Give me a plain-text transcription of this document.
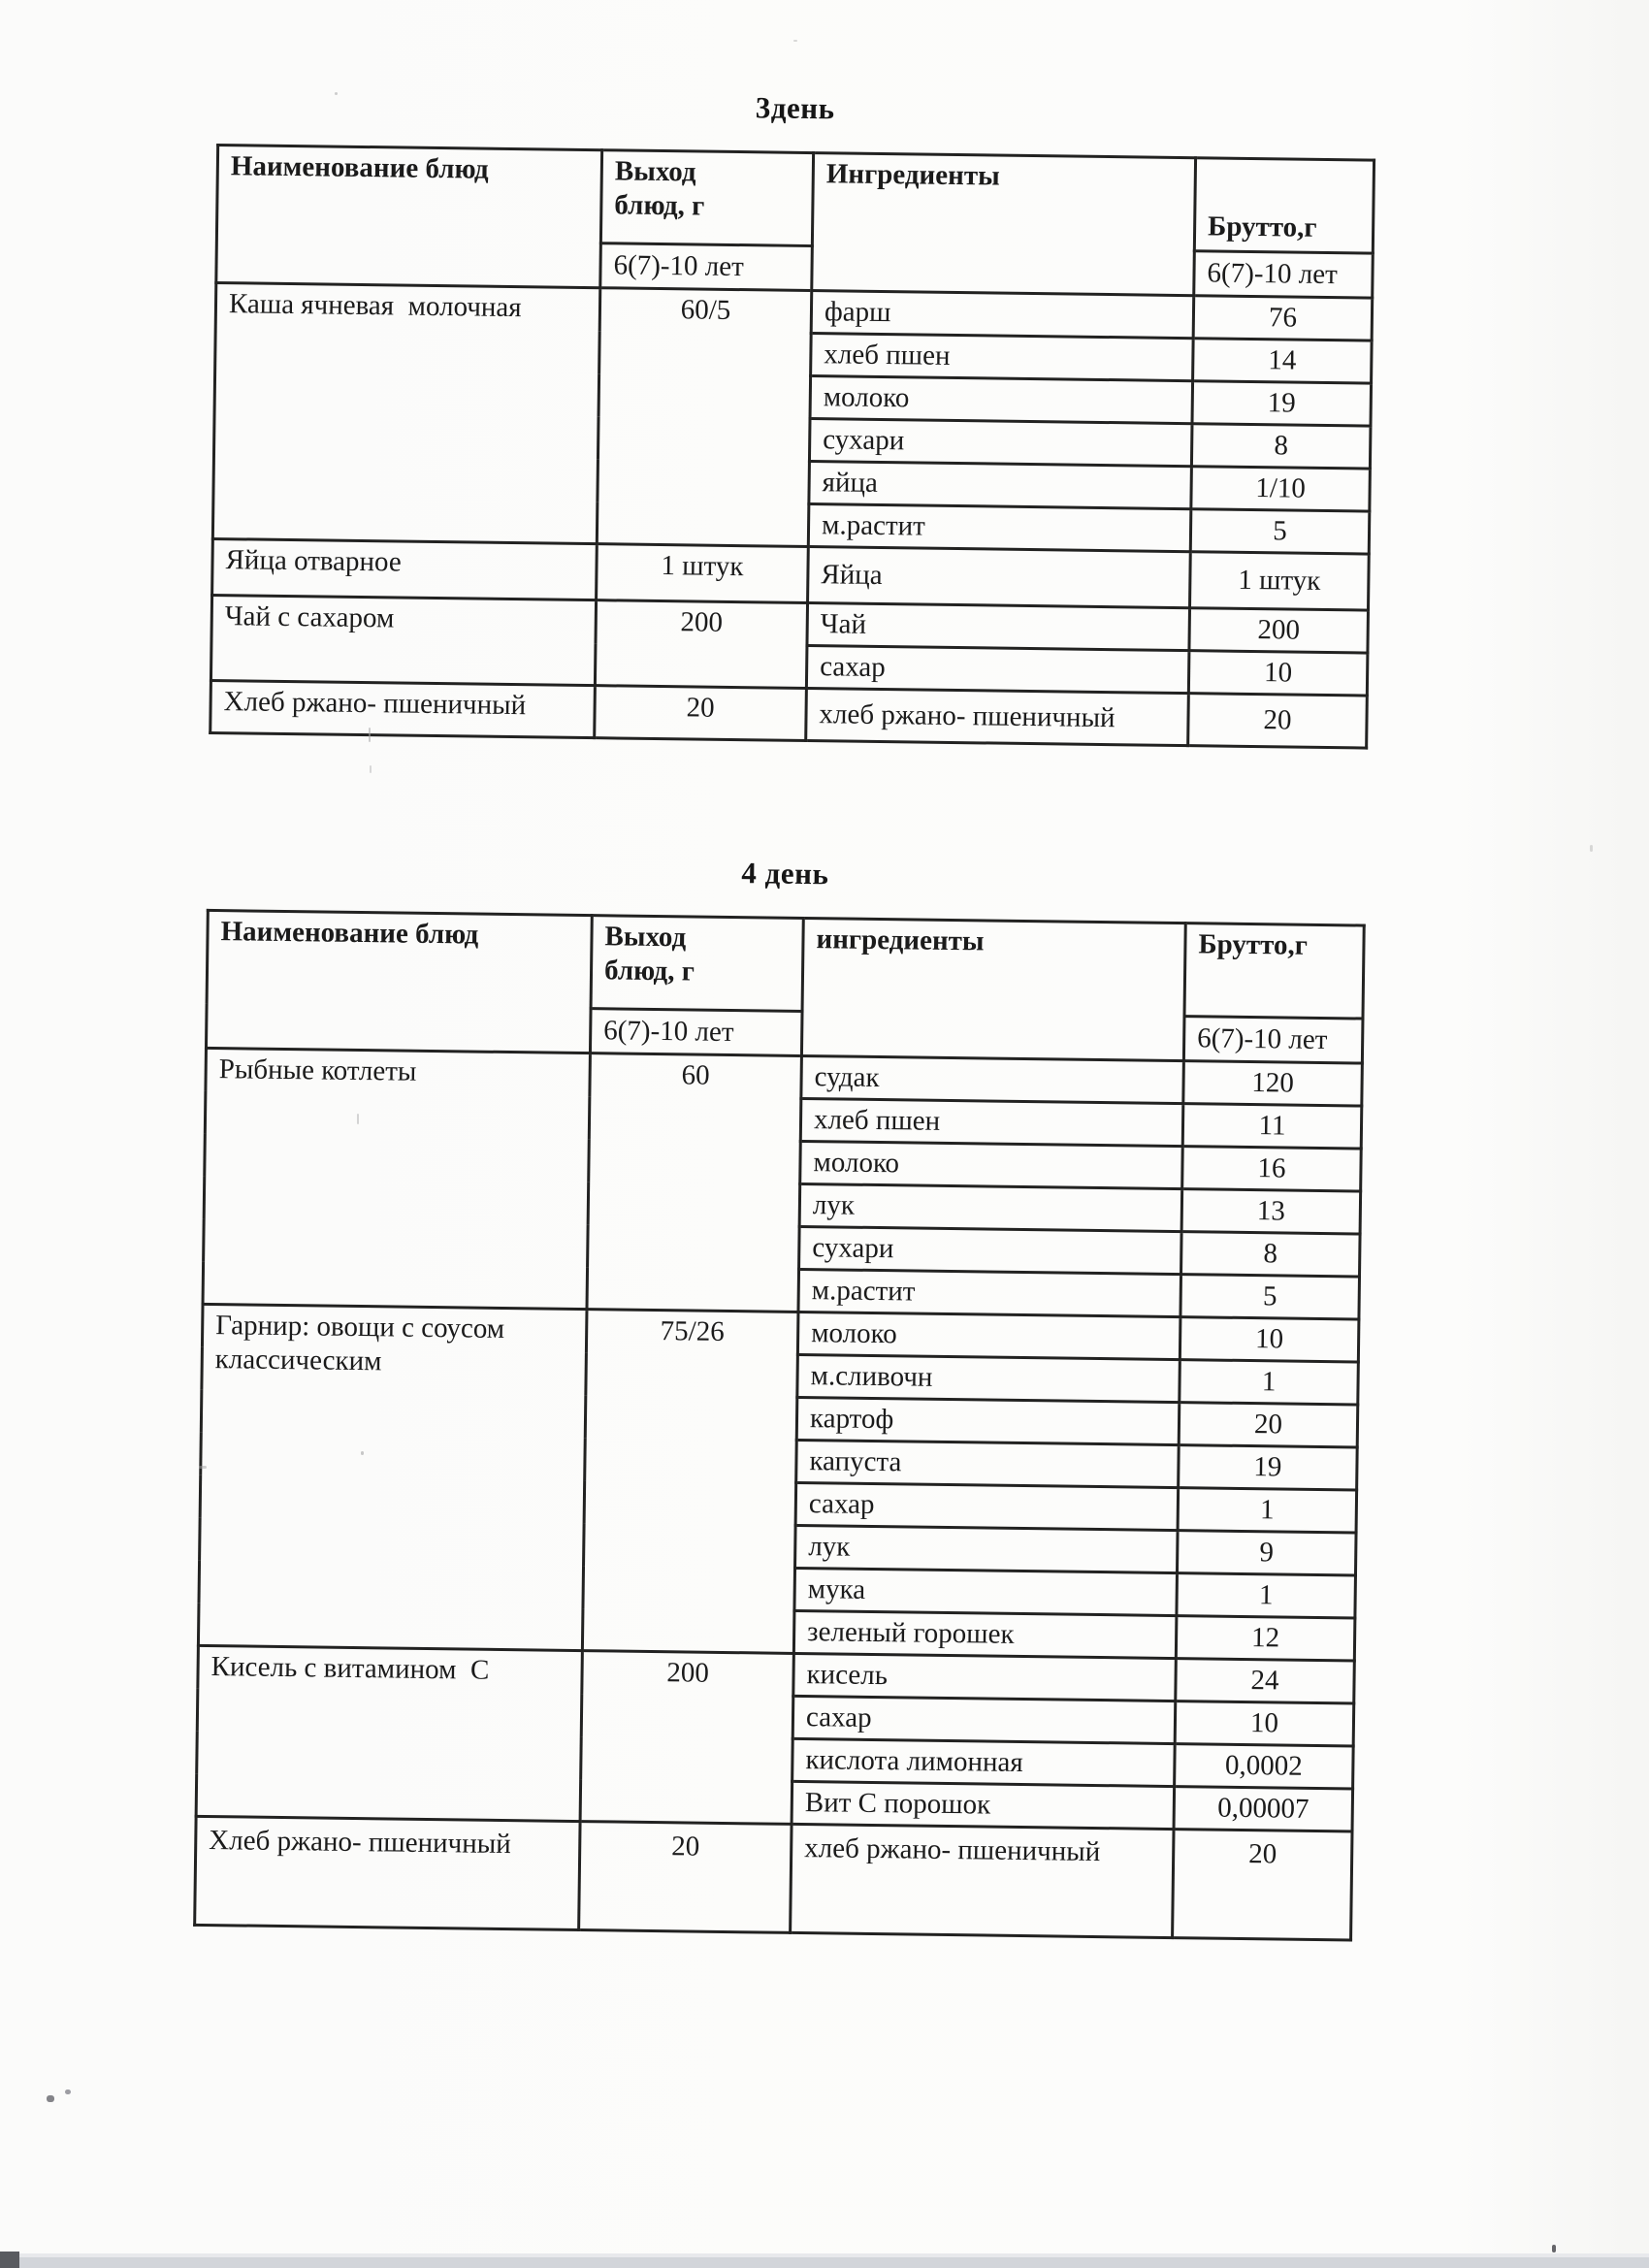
3день
Наименование блюд	Выход блюд, г	Ингредиенты	Брутто,г
	6(7)-10 лет		6(7)-10 лет
Каша ячневая  молочная	60/5	фарш	76
		хлеб пшен	14
		молоко	19
		сухари	8
		яйца	1/10
		м.растит	5
Яйца отварное	1 штук	Яйца	1 штук
Чай с сахаром	200	Чай	200
		сахар	10
Хлеб ржано- пшеничный	20	хлеб ржано- пшеничный	20
4 день
Наименование блюд	Выход блюд, г	ингредиенты	Брутто,г
	6(7)-10 лет		6(7)-10 лет
Рыбные котлеты	60	судак	120
		хлеб пшен	11
		молоко	16
		лук	13
		сухари	8
		м.растит	5
Гарнир: овощи с соусом классическим	75/26	молоко	10
		м.сливочн	1
		картоф	20
		капуста	19
		сахар	1
		лук	9
		мука	1
		зеленый горошек	12
Кисель с витамином  С	200	кисель	24
		сахар	10
		кислота лимонная	0,0002
		Вит С порошок	0,00007
Хлеб ржано- пшеничный	20	хлеб ржано- пшеничный	20
